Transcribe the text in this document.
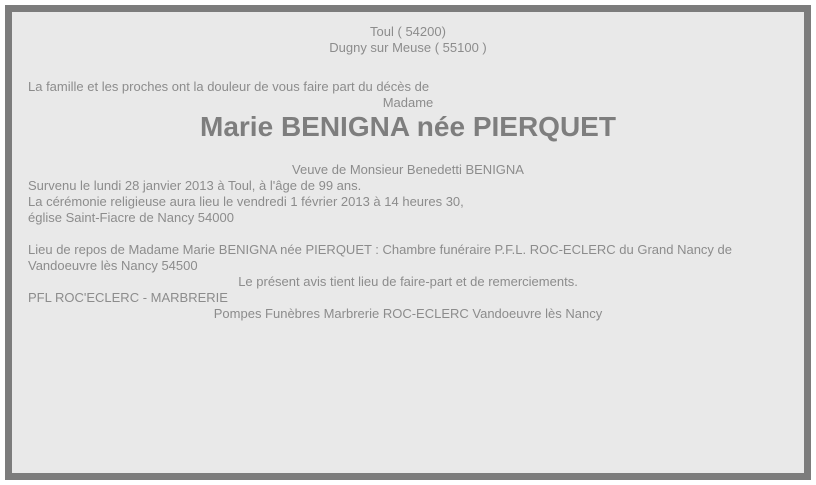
Toul ( 54200)

Dugny sur Meuse ( 55100 )

La famille et les proches ont la douleur de vous faire part du décès de

Madame

Marie BENIGNA née PIERQUET

Veuve de Monsieur Benedetti BENIGNA

Survenu le lundi 28 janvier 2013 à Toul, à l'âge de 99 ans.

La cérémonie religieuse aura lieu le vendredi 1 février 2013 à 14 heures 30,

église Saint-Fiacre de Nancy 54000

Lieu de repos de Madame Marie BENIGNA née PIERQUET : Chambre funéraire P.F.L. ROC-ECLERC du Grand Nancy de Vandoeuvre lès Nancy 54500

Le présent avis tient lieu de faire-part et de remerciements.

PFL ROC'ECLERC - MARBRERIE

Pompes Funèbres Marbrerie ROC-ECLERC Vandoeuvre lès Nancy
